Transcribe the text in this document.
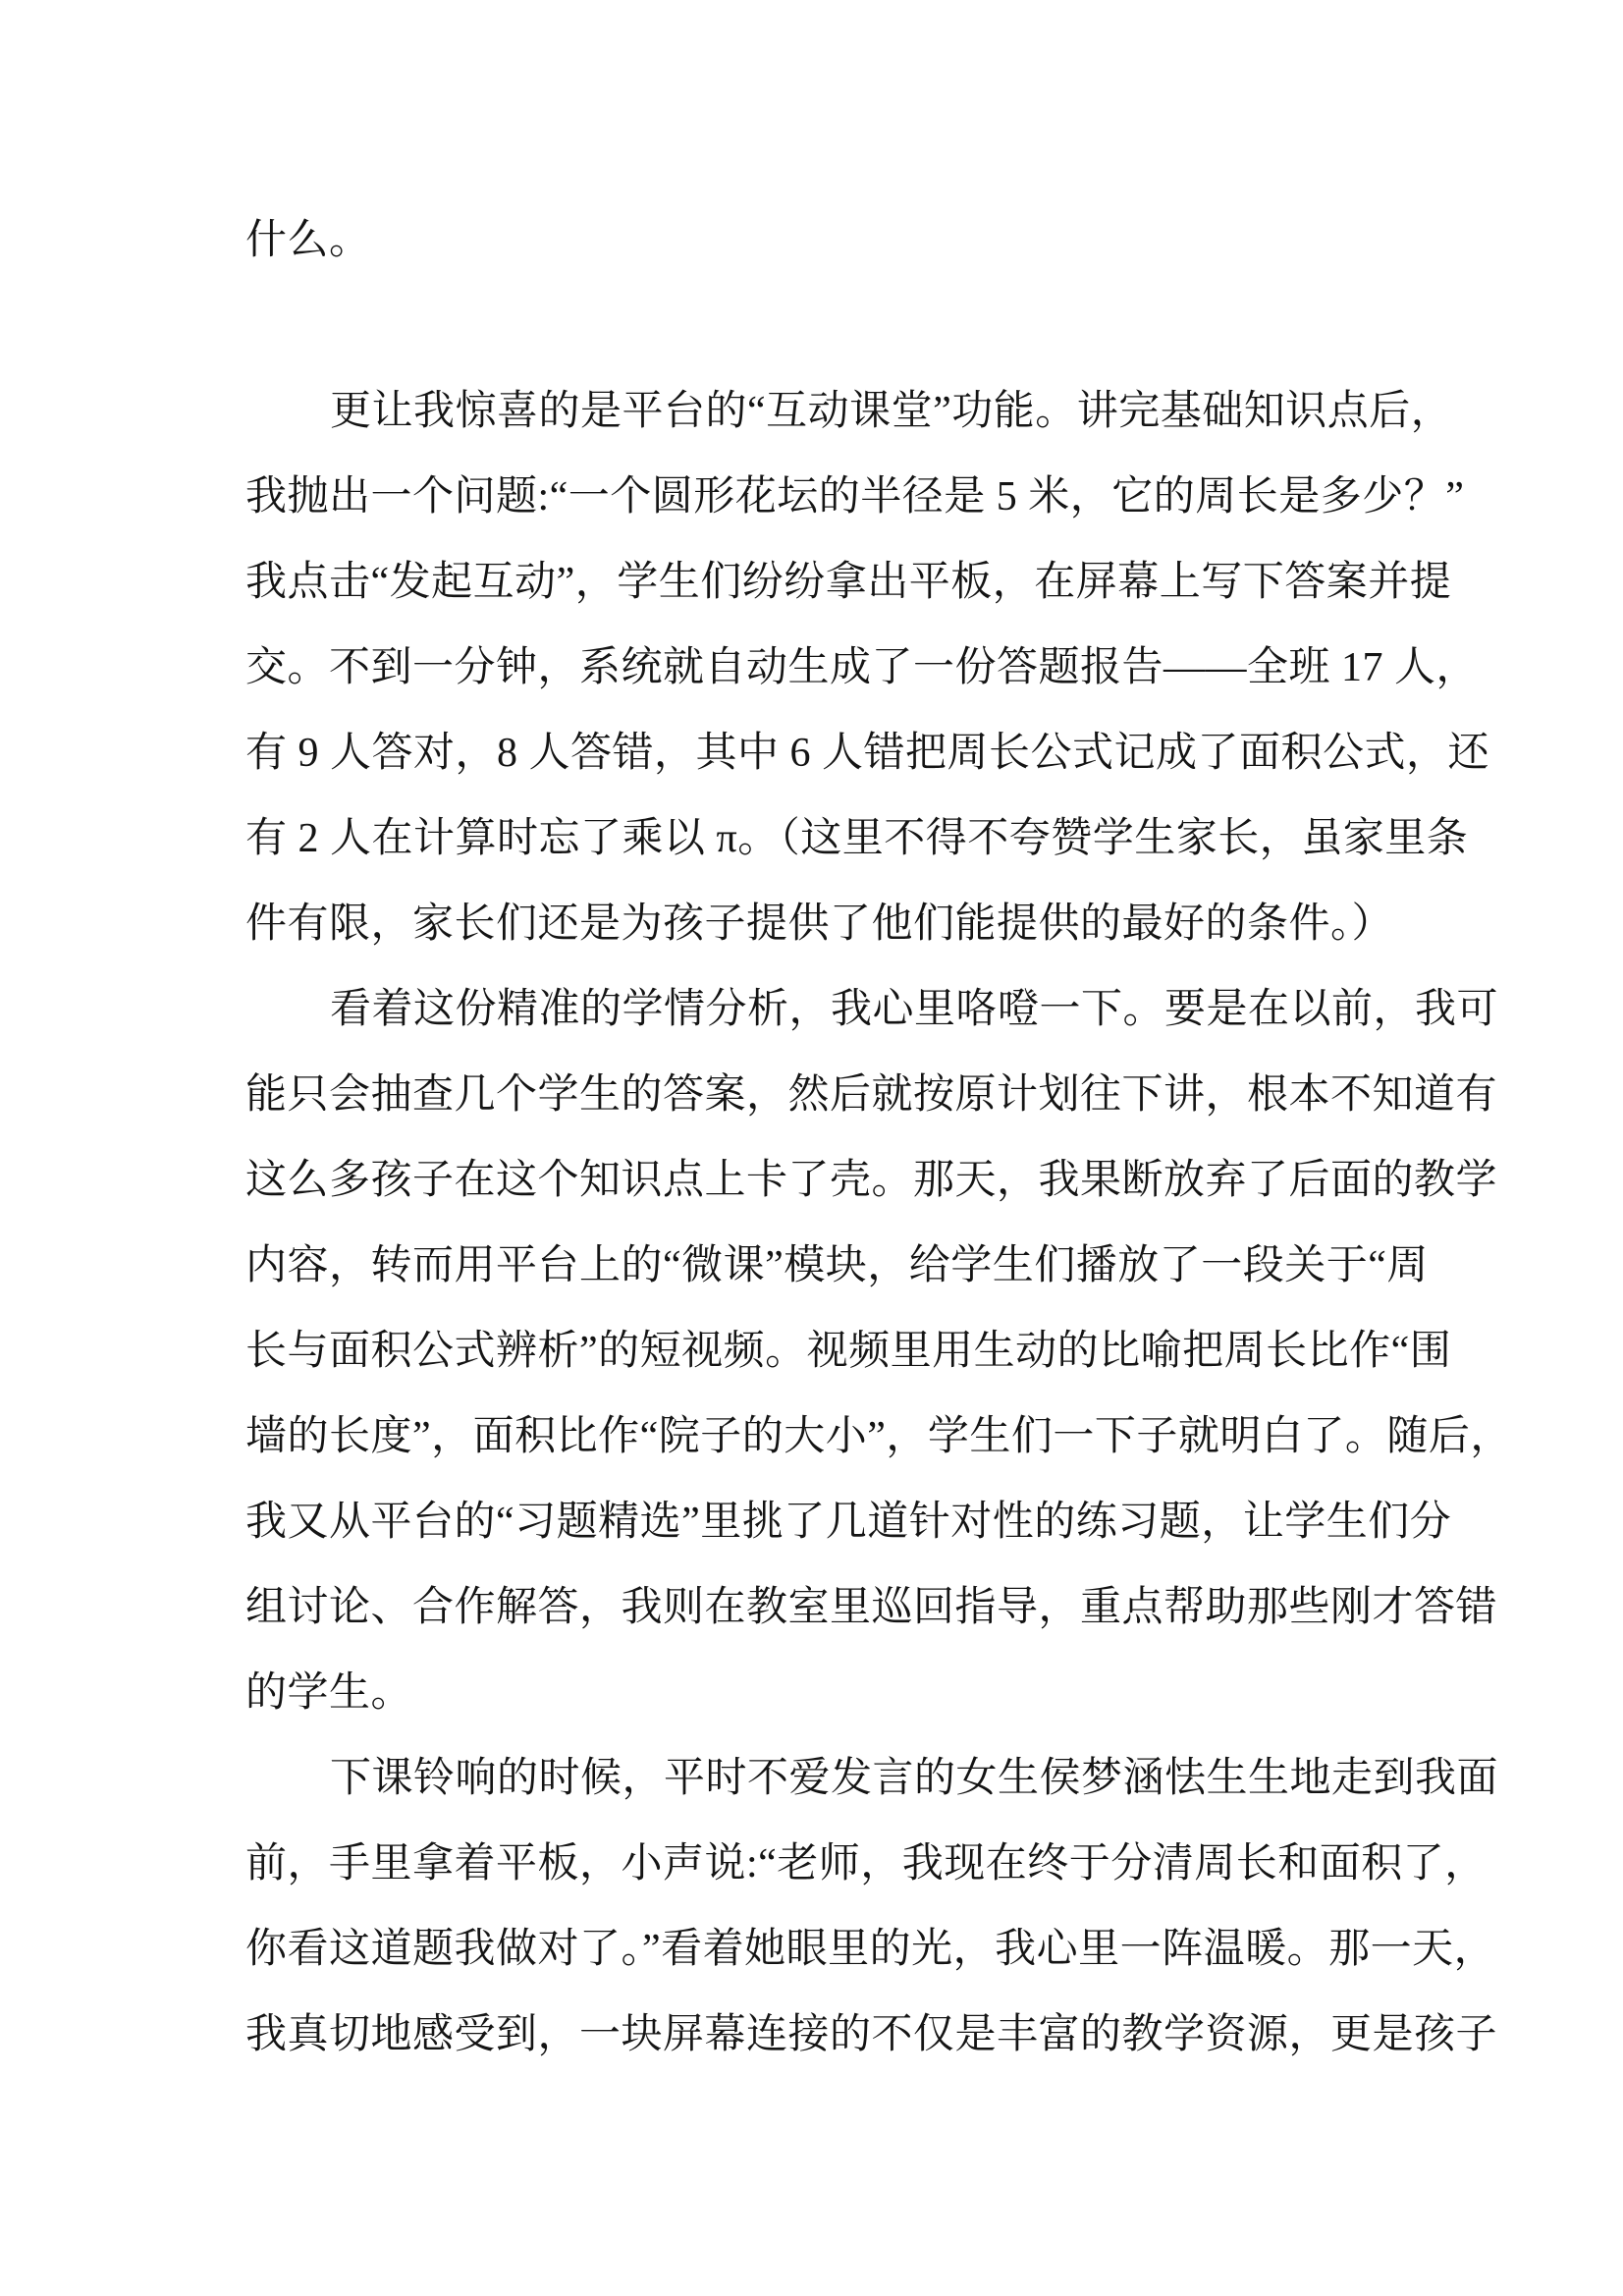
什么。
更让我惊喜的是平台的“互动课堂”功能。讲完基础知识点后，
我抛出一个问题:“一个圆形花坛的半径是 5 米，它的周长是多少？”
我点击“发起互动”，学生们纷纷拿出平板，在屏幕上写下答案并提
交。不到一分钟，系统就自动生成了一份答题报告——全班 17 人，
有 9 人答对，8 人答错，其中 6 人错把周长公式记成了面积公式，还
有 2 人在计算时忘了乘以 π。（这里不得不夸赞学生家长，虽家里条
件有限，家长们还是为孩子提供了他们能提供的最好的条件。）
看着这份精准的学情分析，我心里咯噔一下。要是在以前，我可
能只会抽查几个学生的答案，然后就按原计划往下讲，根本不知道有
这么多孩子在这个知识点上卡了壳。那天，我果断放弃了后面的教学
内容，转而用平台上的“微课”模块，给学生们播放了一段关于“周
长与面积公式辨析”的短视频。视频里用生动的比喻把周长比作“围
墙的长度”，面积比作“院子的大小”，学生们一下子就明白了。随后，
我又从平台的“习题精选”里挑了几道针对性的练习题，让学生们分
组讨论、合作解答，我则在教室里巡回指导，重点帮助那些刚才答错
的学生。
下课铃响的时候，平时不爱发言的女生侯梦涵怯生生地走到我面
前，手里拿着平板，小声说:“老师，我现在终于分清周长和面积了，
你看这道题我做对了。”看着她眼里的光，我心里一阵温暖。那一天，
我真切地感受到，一块屏幕连接的不仅是丰富的教学资源，更是孩子
